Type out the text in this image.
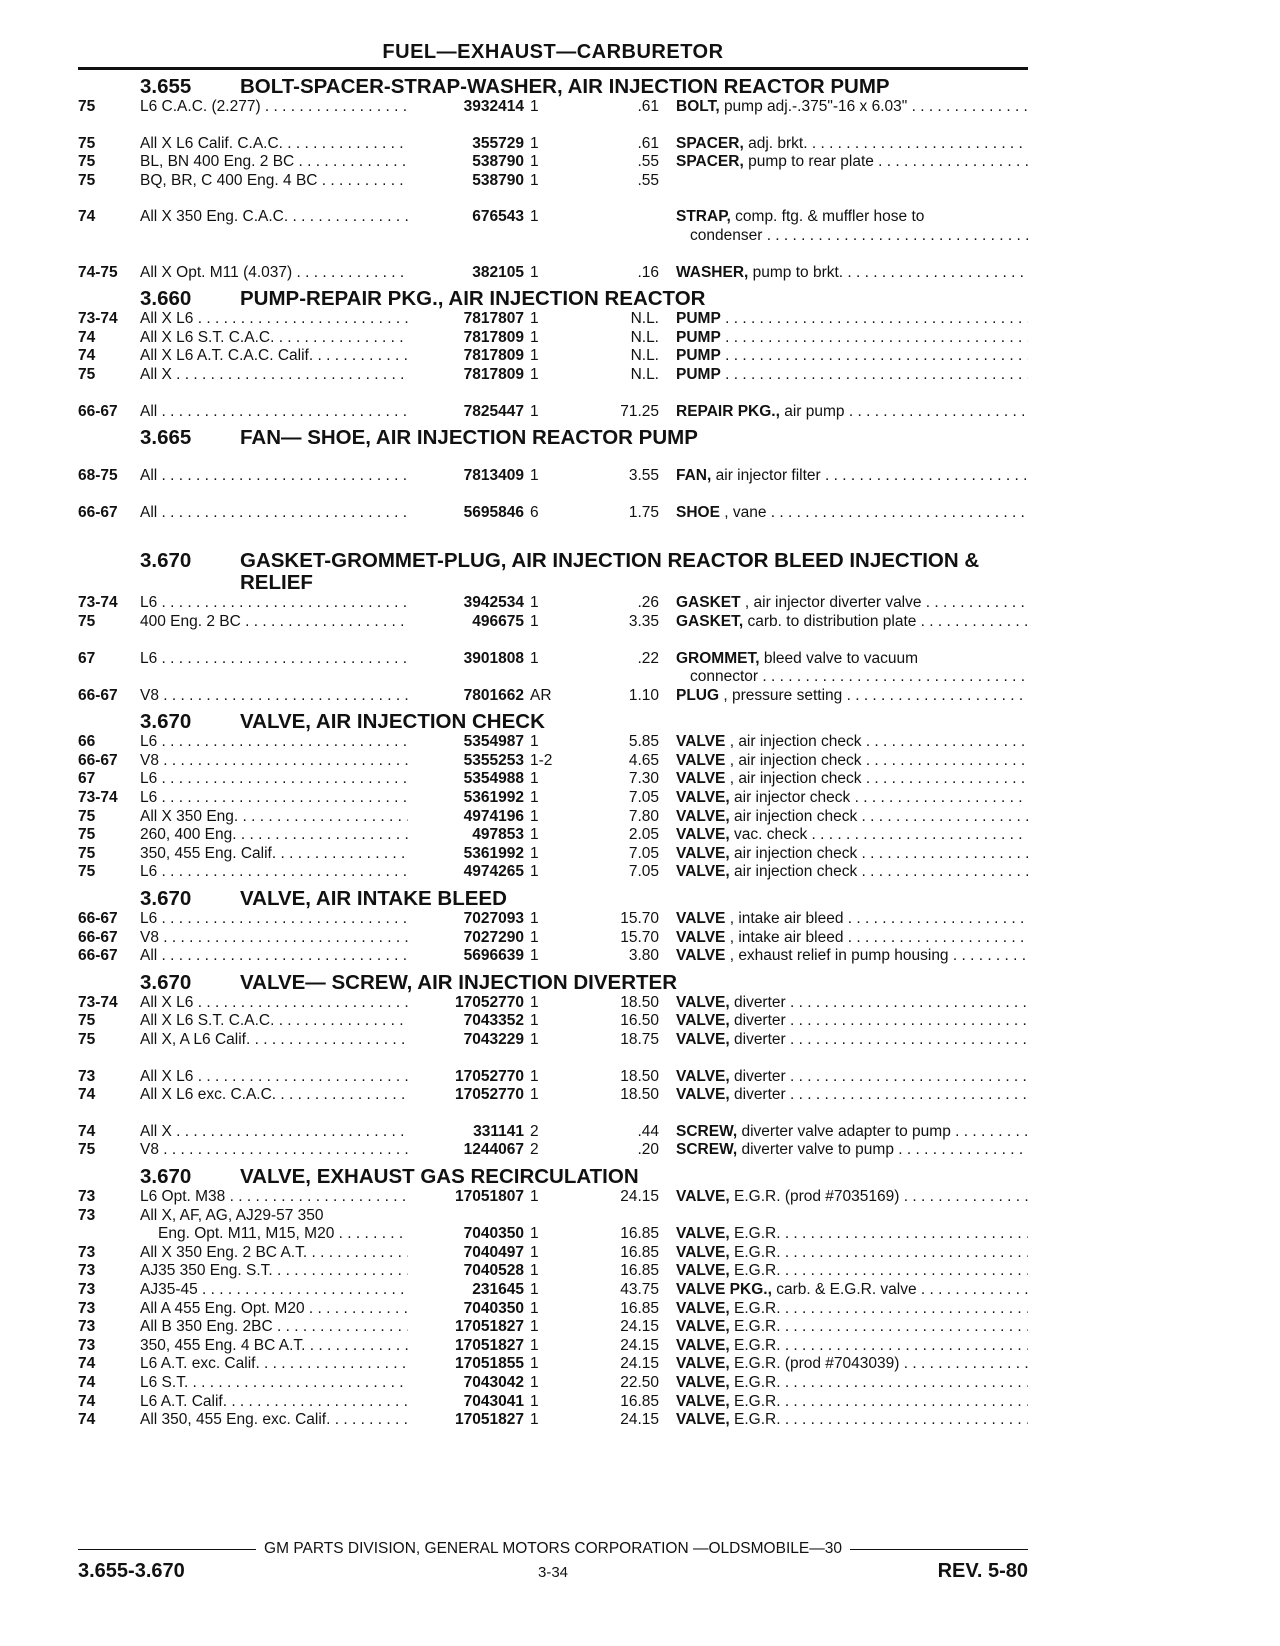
FUEL—EXHAUST—CARBURETOR
3.655	BOLT-SPACER-STRAP-WASHER, AIR INJECTION REACTOR PUMP
75	L6 C.A.C. (2.277) . . .	3932414 1	.61 BOLT, pump adj.-.375"-16 x 6.03" . . .
75	All X L6 Calif. C.A.C. . . .	355729 1	.61 SPACER, adj. brkt. . . .
75	BL, BN 400 Eng. 2 BC . . .	538790 1	.55 SPACER, pump to rear plate . . .
75	BQ, BR, C 400 Eng. 4 BC . . .	538790 1	.55
74	All X 350 Eng. C.A.C. . . .	676543 1	STRAP, comp. ftg. & muffler hose to
condenser . . .
74-75	All X Opt. M11 (4.037) . . .	382105 1	.16 WASHER, pump to brkt. . . .
3.660	PUMP-REPAIR PKG., AIR INJECTION REACTOR
73-74	All X L6 . . .	7817807 1	N.L. PUMP . . .
74	All X L6 S.T. C.A.C. . . .	7817809 1	N.L. PUMP . . .
74	All X L6 A.T. C.A.C. Calif. . . .	7817809 1	N.L. PUMP . . .
75	All X . . .	7817809 1	N.L. PUMP . . .
66-67	All . . .	7825447 1	71.25 REPAIR PKG., air pump . . .
3.665	FAN— SHOE, AIR INJECTION REACTOR PUMP
68-75	All . . .	7813409 1	3.55 FAN, air injector filter . . .
66-67	All . . .	5695846 6	1.75 SHOE , vane . . .
3.670	GASKET-GROMMET-PLUG, AIR INJECTION REACTOR BLEED INJECTION & RELIEF
73-74	L6 . . .	3942534 1	.26 GASKET , air injector diverter valve . . .
75	400 Eng. 2 BC . . .	496675 1	3.35 GASKET, carb. to distribution plate . . .
67	L6 . . .	3901808 1	.22 GROMMET, bleed valve to vacuum
connector . . .
66-67	V8 . . .	7801662 AR	1.10 PLUG , pressure setting . . .
3.670	VALVE, AIR INJECTION CHECK
66	L6 . . .	5354987 1	5.85 VALVE , air injection check . . .
66-67	V8 . . .	5355253 1-2	4.65 VALVE , air injection check . . .
67	L6 . . .	5354988 1	7.30 VALVE , air injection check . . .
73-74	L6 . . .	5361992 1	7.05 VALVE, air injector check . . .
75	All X 350 Eng. . . .	4974196 1	7.80 VALVE, air injection check . . .
75	260, 400 Eng. . . .	497853 1	2.05 VALVE, vac. check . . .
75	350, 455 Eng. Calif. . . .	5361992 1	7.05 VALVE, air injection check . . .
75	L6 . . .	4974265 1	7.05 VALVE, air injection check . . .
3.670	VALVE, AIR INTAKE BLEED
66-67	L6 . . .	7027093 1	15.70 VALVE , intake air bleed . . .
66-67	V8 . . .	7027290 1	15.70 VALVE , intake air bleed . . .
66-67	All . . .	5696639 1	3.80 VALVE , exhaust relief in pump housing . . .
3.670	VALVE— SCREW, AIR INJECTION DIVERTER
73-74	All X L6 . . .	17052770 1	18.50 VALVE, diverter . . .
75	All X L6 S.T. C.A.C. . . .	7043352 1	16.50 VALVE, diverter . . .
75	All X, A L6 Calif. . . .	7043229 1	18.75 VALVE, diverter . . .
73	All X L6 . . .	17052770 1	18.50 VALVE, diverter . . .
74	All X L6 exc. C.A.C. . . .	17052770 1	18.50 VALVE, diverter . . .
74	All X . . .	331141 2	.44 SCREW, diverter valve adapter to pump . . .
75	V8 . . .	1244067 2	.20 SCREW, diverter valve to pump . . .
3.670	VALVE, EXHAUST GAS RECIRCULATION
73	L6 Opt. M38 . . .	17051807 1	24.15 VALVE, E.G.R. (prod #7035169) . . .
73	All X, AF, AG, AJ29-57 350
Eng. Opt. M11, M15, M20 . . .	7040350 1	16.85 VALVE, E.G.R. . . .
73	All X 350 Eng. 2 BC A.T. . . .	7040497 1	16.85 VALVE, E.G.R. . . .
73	AJ35 350 Eng. S.T. . . .	7040528 1	16.85 VALVE, E.G.R. . . .
73	AJ35-45 . . .	231645 1	43.75 VALVE PKG., carb. & E.G.R. valve . . .
73	All A 455 Eng. Opt. M20 . . .	7040350 1	16.85 VALVE, E.G.R. . . .
73	All B 350 Eng. 2BC . . .	17051827 1	24.15 VALVE, E.G.R. . . .
73	350, 455 Eng. 4 BC A.T. . . .	17051827 1	24.15 VALVE, E.G.R. . . .
74	L6 A.T. exc. Calif. . . .	17051855 1	24.15 VALVE, E.G.R. (prod #7043039) . . .
74	L6 S.T. . . .	7043042 1	22.50 VALVE, E.G.R. . . .
74	L6 A.T. Calif. . . .	7043041 1	16.85 VALVE, E.G.R. . . .
74	All 350, 455 Eng. exc. Calif. . . .	17051827 1	24.15 VALVE, E.G.R. . . .
GM PARTS DIVISION, GENERAL MOTORS CORPORATION —OLDSMOBILE—30
3.655-3.670	3-34	REV. 5-80
